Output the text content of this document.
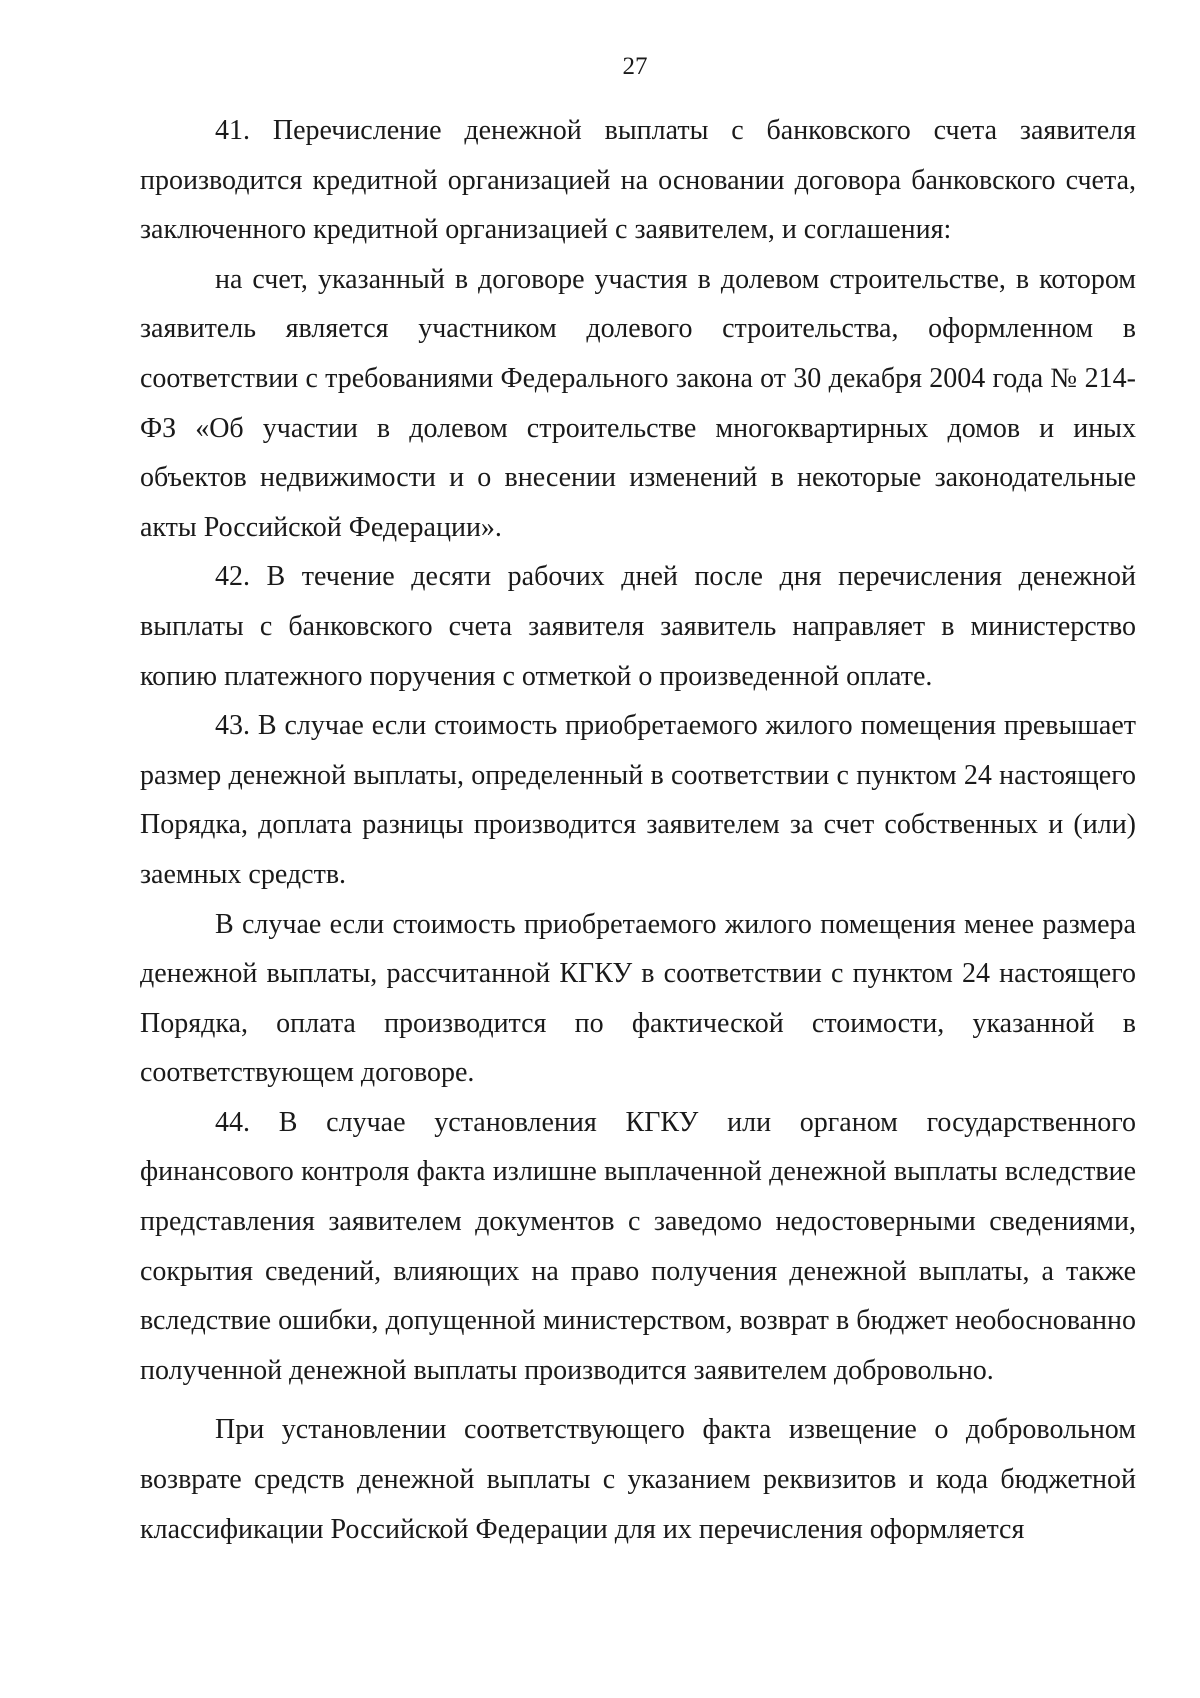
27

41. Перечисление денежной выплаты с банковского счета заявителя производится кредитной организацией на основании договора банковского счета, заключенного кредитной организацией с заявителем, и соглашения:

на счет, указанный в договоре участия в долевом строительстве, в котором заявитель является участником долевого строительства, оформленном в соответствии с требованиями Федерального закона от 30 декабря 2004 года № 214-ФЗ «Об участии в долевом строительстве многоквартирных домов и иных объектов недвижимости и о внесении изменений в некоторые законодательные акты Российской Федерации».

42. В течение десяти рабочих дней после дня перечисления денежной выплаты с банковского счета заявителя заявитель направляет в министерство копию платежного поручения с отметкой о произведенной оплате.

43. В случае если стоимость приобретаемого жилого помещения превышает размер денежной выплаты, определенный в соответствии с пунктом 24 настоящего Порядка, доплата разницы производится заявителем за счет собственных и (или) заемных средств.

В случае если стоимость приобретаемого жилого помещения менее размера денежной выплаты, рассчитанной КГКУ в соответствии с пунктом 24 настоящего Порядка, оплата производится по фактической стоимости, указанной в соответствующем договоре.

44. В случае установления КГКУ или органом государственного финансового контроля факта излишне выплаченной денежной выплаты вследствие представления заявителем документов с заведомо недостоверными сведениями, сокрытия сведений, влияющих на право получения денежной выплаты, а также вследствие ошибки, допущенной министерством, возврат в бюджет необоснованно полученной денежной выплаты производится заявителем добровольно.

При установлении соответствующего факта извещение о добровольном возврате средств денежной выплаты с указанием реквизитов и кода бюджетной классификации Российской Федерации для их перечисления оформляется
